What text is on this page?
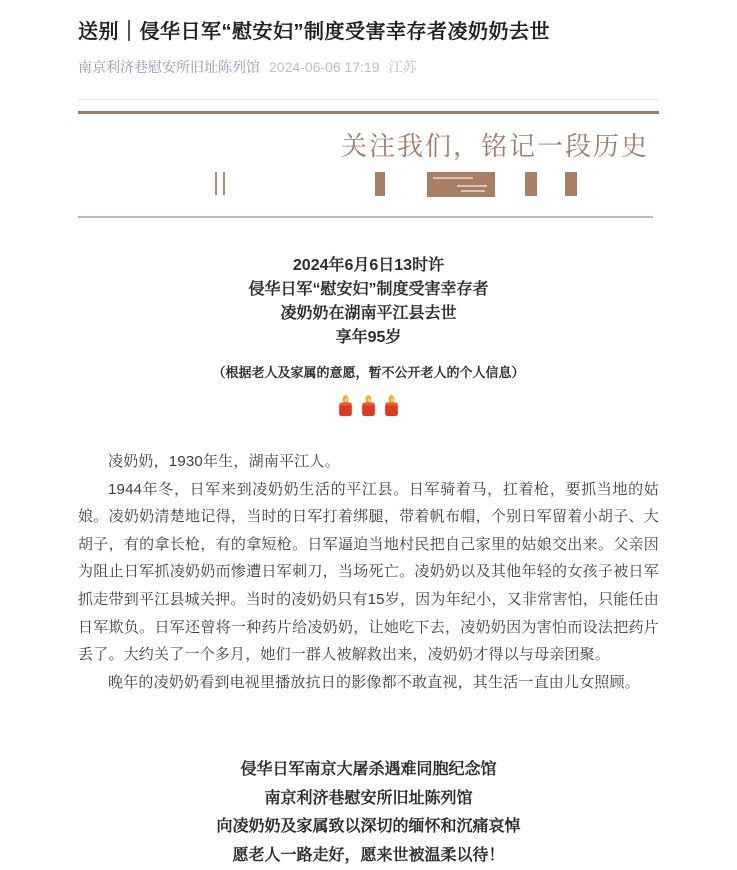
送别｜侵华日军“慰安妇”制度受害幸存者凌奶奶去世
南京利济巷慰安所旧址陈列馆 2024-06-06 17:19 江苏
关注我们，铭记一段历史

2024年6月6日13时许

侵华日军“慰安妇”制度受害幸存者

凌奶奶在湖南平江县去世

享年95岁

（根据老人及家属的意愿，暂不公开老人的个人信息）

凌奶奶，1930年生，湖南平江人。

1944年冬，日军来到凌奶奶生活的平江县。日军骑着马，扛着枪，要抓当地的姑娘。凌奶奶清楚地记得，当时的日军打着绑腿，带着帆布帽，个别日军留着小胡子、大胡子，有的拿长枪，有的拿短枪。日军逼迫当地村民把自己家里的姑娘交出来。父亲因为阻止日军抓凌奶奶而惨遭日军刺刀，当场死亡。凌奶奶以及其他年轻的女孩子被日军抓走带到平江县城关押。当时的凌奶奶只有15岁，因为年纪小，又非常害怕，只能任由日军欺负。日军还曾将一种药片给凌奶奶，让她吃下去，凌奶奶因为害怕而设法把药片丢了。大约关了一个多月，她们一群人被解救出来，凌奶奶才得以与母亲团聚。

晚年的凌奶奶看到电视里播放抗日的影像都不敢直视，其生活一直由儿女照顾。

侵华日军南京大屠杀遇难同胞纪念馆

南京利济巷慰安所旧址陈列馆

向凌奶奶及家属致以深切的缅怀和沉痛哀悼

愿老人一路走好，愿来世被温柔以待！
